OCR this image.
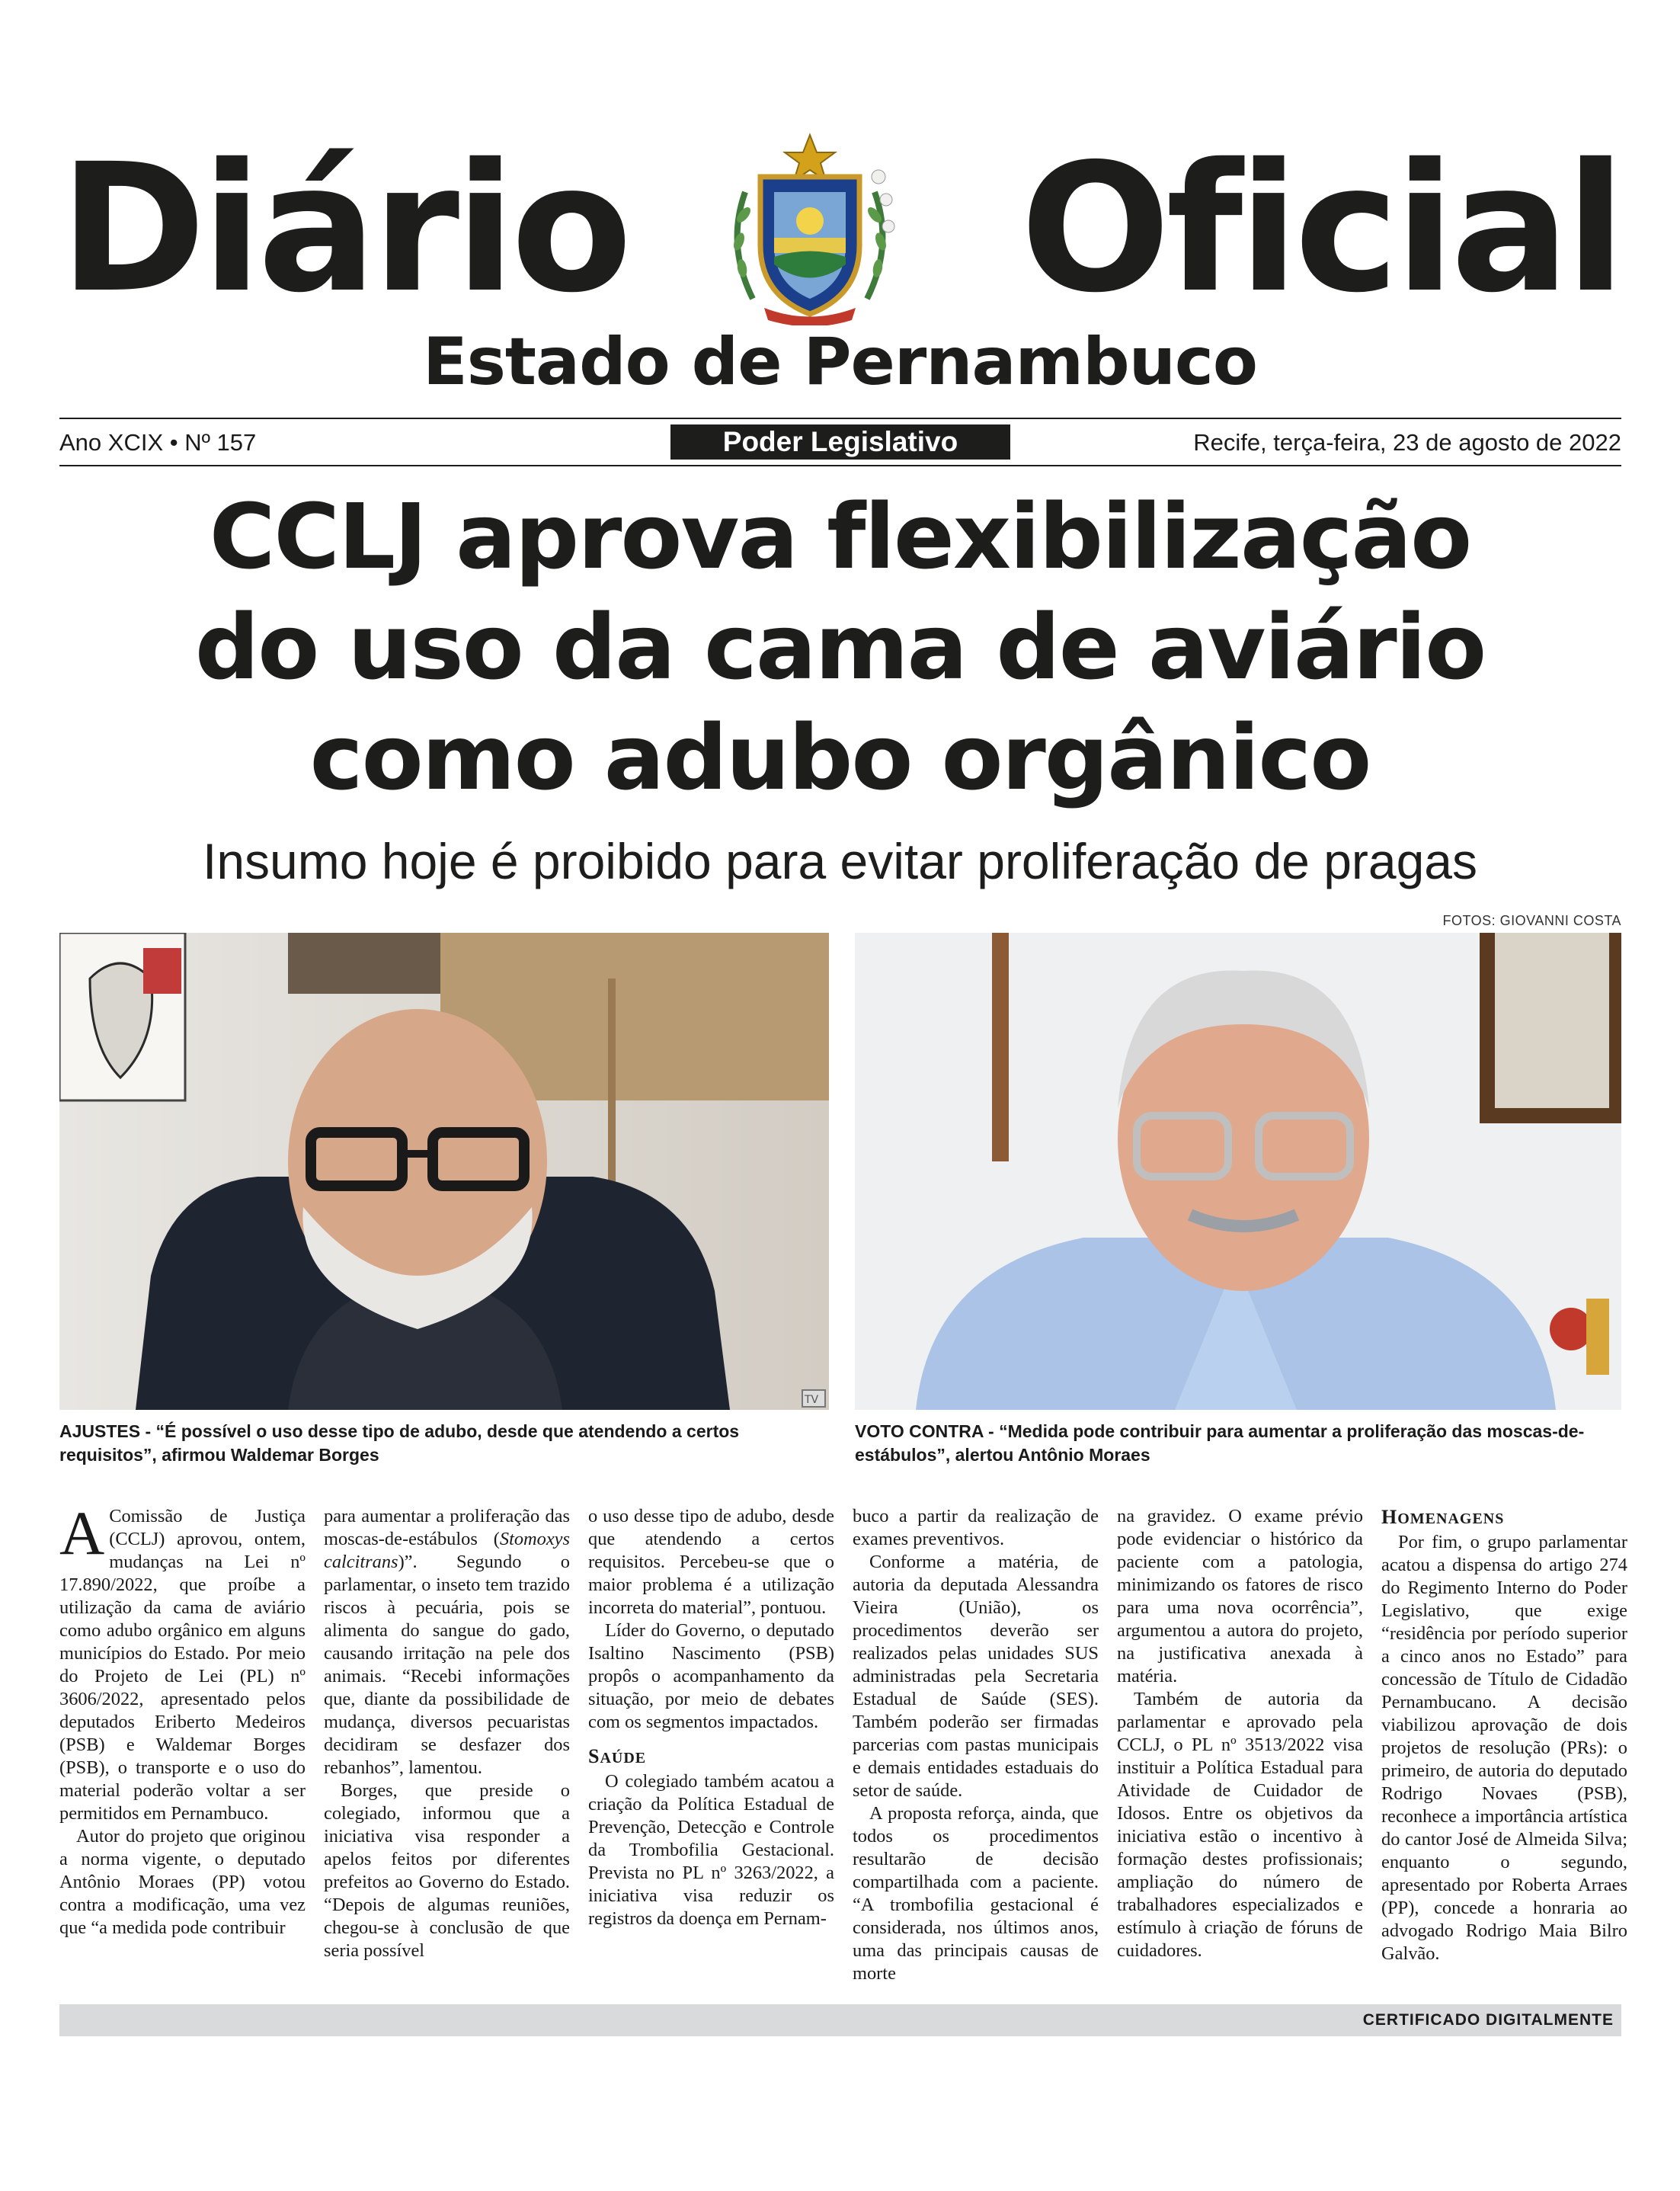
Diário Oficial
Estado de Pernambuco
Ano XCIX • Nº 157	Poder Legislativo	Recife, terça-feira, 23 de agosto de 2022
CCLJ aprova flexibilização
do uso da cama de aviário
como adubo orgânico
Insumo hoje é proibido para evitar proliferação de pragas
FOTOS: GIOVANNI COSTA
TV
AJUSTES - “É possível o uso desse tipo de adubo, desde que atendendo a certos requisitos”, afirmou Waldemar Borges
VOTO CONTRA - “Medida pode contribuir para aumentar a proliferação das moscas-de-estábulos”, alertou Antônio Moraes

A Comissão de Justiça (CCLJ) aprovou, ontem, mudanças na Lei nº 17.890/2022, que proíbe a utilização da cama de aviário como adubo orgânico em alguns municípios do Estado. Por meio do Projeto de Lei (PL) nº 3606/2022, apresentado pelos deputados Eriberto Medeiros (PSB) e Waldemar Borges (PSB), o transporte e o uso do material poderão voltar a ser permitidos em Pernambuco.

Autor do projeto que originou a norma vigente, o deputado Antônio Moraes (PP) votou contra a modificação, uma vez que “a medida pode contribuir

para aumentar a proliferação das moscas-de-estábulos (Stomoxys calcitrans)”. Segundo o parlamentar, o inseto tem trazido riscos à pecuária, pois se alimenta do sangue do gado, causando irritação na pele dos animais. “Recebi informações que, diante da possibilidade de mudança, diversos pecuaristas decidiram se desfazer dos rebanhos”, lamentou.

Borges, que preside o colegiado, informou que a iniciativa visa responder a apelos feitos por diferentes prefeitos ao Governo do Estado. “Depois de algumas reuniões, chegou-se à conclusão de que seria possível

o uso desse tipo de adubo, desde que atendendo a certos requisitos. Percebeu-se que o maior problema é a utilização incorreta do material”, pontuou.

Líder do Governo, o deputado Isaltino Nascimento (PSB) propôs o acompanhamento da situação, por meio de debates com os segmentos impactados.

SAÚDE

O colegiado também acatou a criação da Política Estadual de Prevenção, Detecção e Controle da Trombofilia Gestacional. Prevista no PL nº 3263/2022, a iniciativa visa reduzir os registros da doença em Pernam-

buco a partir da realização de exames preventivos.

Conforme a matéria, de autoria da deputada Alessandra Vieira (União), os procedimentos deverão ser realizados pelas unidades SUS administradas pela Secretaria Estadual de Saúde (SES). Também poderão ser firmadas parcerias com pastas municipais e demais entidades estaduais do setor de saúde.

A proposta reforça, ainda, que todos os procedimentos resultarão de decisão compartilhada com a paciente. “A trombofilia gestacional é considerada, nos últimos anos, uma das principais causas de morte

na gravidez. O exame prévio pode evidenciar o histórico da paciente com a patologia, minimizando os fatores de risco para uma nova ocorrência”, argumentou a autora do projeto, na justificativa anexada à matéria.

Também de autoria da parlamentar e aprovado pela CCLJ, o PL nº 3513/2022 visa instituir a Política Estadual para Atividade de Cuidador de Idosos. Entre os objetivos da iniciativa estão o incentivo à formação destes profissionais; ampliação do número de trabalhadores especializados e estímulo à criação de fóruns de cuidadores.

HOMENAGENS

Por fim, o grupo parlamentar acatou a dispensa do artigo 274 do Regimento Interno do Poder Legislativo, que exige “residência por período superior a cinco anos no Estado” para concessão de Título de Cidadão Pernambucano. A decisão viabilizou aprovação de dois projetos de resolução (PRs): o primeiro, de autoria do deputado Rodrigo Novaes (PSB), reconhece a importância artística do cantor José de Almeida Silva; enquanto o segundo, apresentado por Roberta Arraes (PP), concede a honraria ao advogado Rodrigo Maia Bilro Galvão.

CERTIFICADO DIGITALMENTE
